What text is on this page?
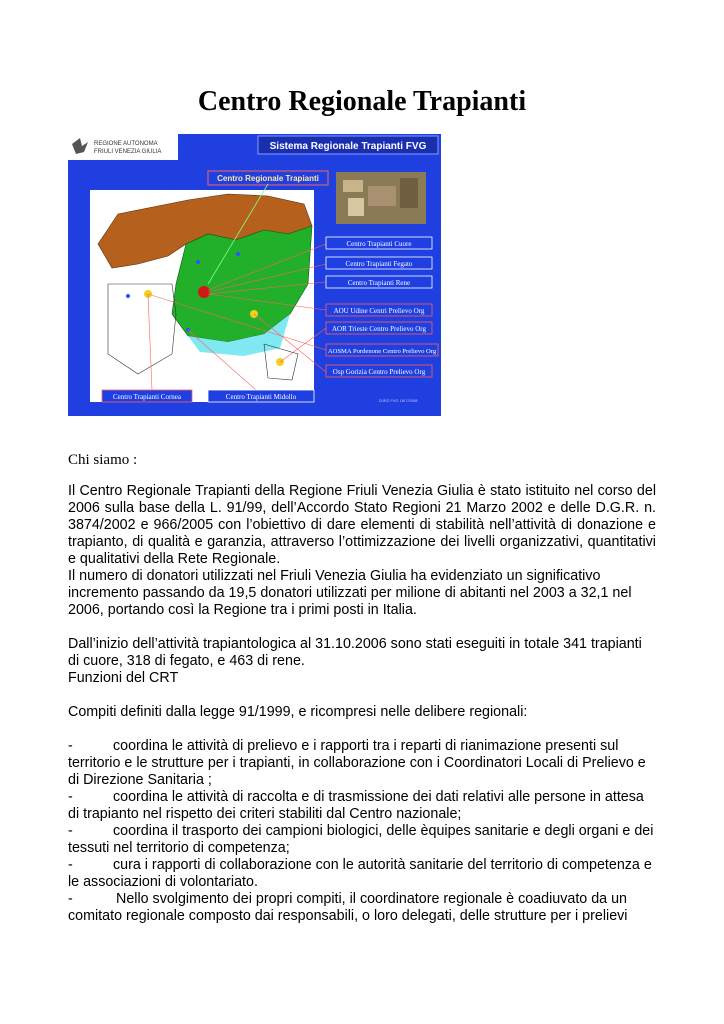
Centro Regionale Trapianti
REGIONE AUTONOMA
FRIULI VENEZIA GIULIA	Sistema Regionale Trapianti FVG
Centro Regionale Trapianti
Centro Trapianti Cuore
Centro Trapianti Fegato
Centro Trapianti Rene
AOU Udine Centri Prelievo Org
AOR Trieste Centro Prelievo Org
AOSMA Pordenone Centro Prelievo Org
Osp Gorizia Centro Prelievo Org
Centro Trapianti Cornea	Centro Trapianti Midollo	ZURZ FVG 18/7/2008
Chi siamo :

Il Centro Regionale Trapianti della Regione Friuli Venezia Giulia è stato istituito nel corso del 2006 sulla base della L. 91/99, dell’Accordo Stato Regioni 21 Marzo 2002 e delle D.G.R. n. 3874/2002 e 966/2005 con l’obiettivo di dare elementi di stabilità nell’attività di donazione e trapianto, di qualità e garanzia, attraverso l’ottimizzazione dei livelli organizzativi, quantitativi e qualitativi della Rete Regionale.

Il numero di donatori utilizzati nel Friuli Venezia Giulia ha evidenziato un significativo incremento passando da 19,5 donatori utilizzati per milione di abitanti nel 2003 a 32,1 nel 2006, portando così la Regione tra i primi posti in Italia.

Dall’inizio dell’attività trapiantologica al 31.10.2006 sono stati eseguiti in totale 341 trapianti di cuore, 318 di fegato, e 463 di rene.

Funzioni del CRT

Compiti definiti dalla legge 91/1999, e ricompresi nelle delibere regionali:

-	coordina le attività di prelievo e i rapporti tra i reparti di rianimazione presenti sul territorio e le strutture per i trapianti, in collaborazione con i Coordinatori Locali di Prelievo e di Direzione Sanitaria ;

-	coordina le attività di raccolta e di trasmissione dei dati relativi alle persone in attesa di trapianto nel rispetto dei criteri stabiliti dal Centro nazionale;

-	coordina il trasporto dei campioni biologici, delle èquipes sanitarie e degli organi e dei tessuti nel territorio di competenza;

-	cura i rapporti di collaborazione con le autorità sanitarie del territorio di competenza e le associazioni di volontariato.

-	Nello svolgimento dei propri compiti, il coordinatore regionale è coadiuvato da un comitato regionale composto dai responsabili, o loro delegati, delle strutture per i prelievi
